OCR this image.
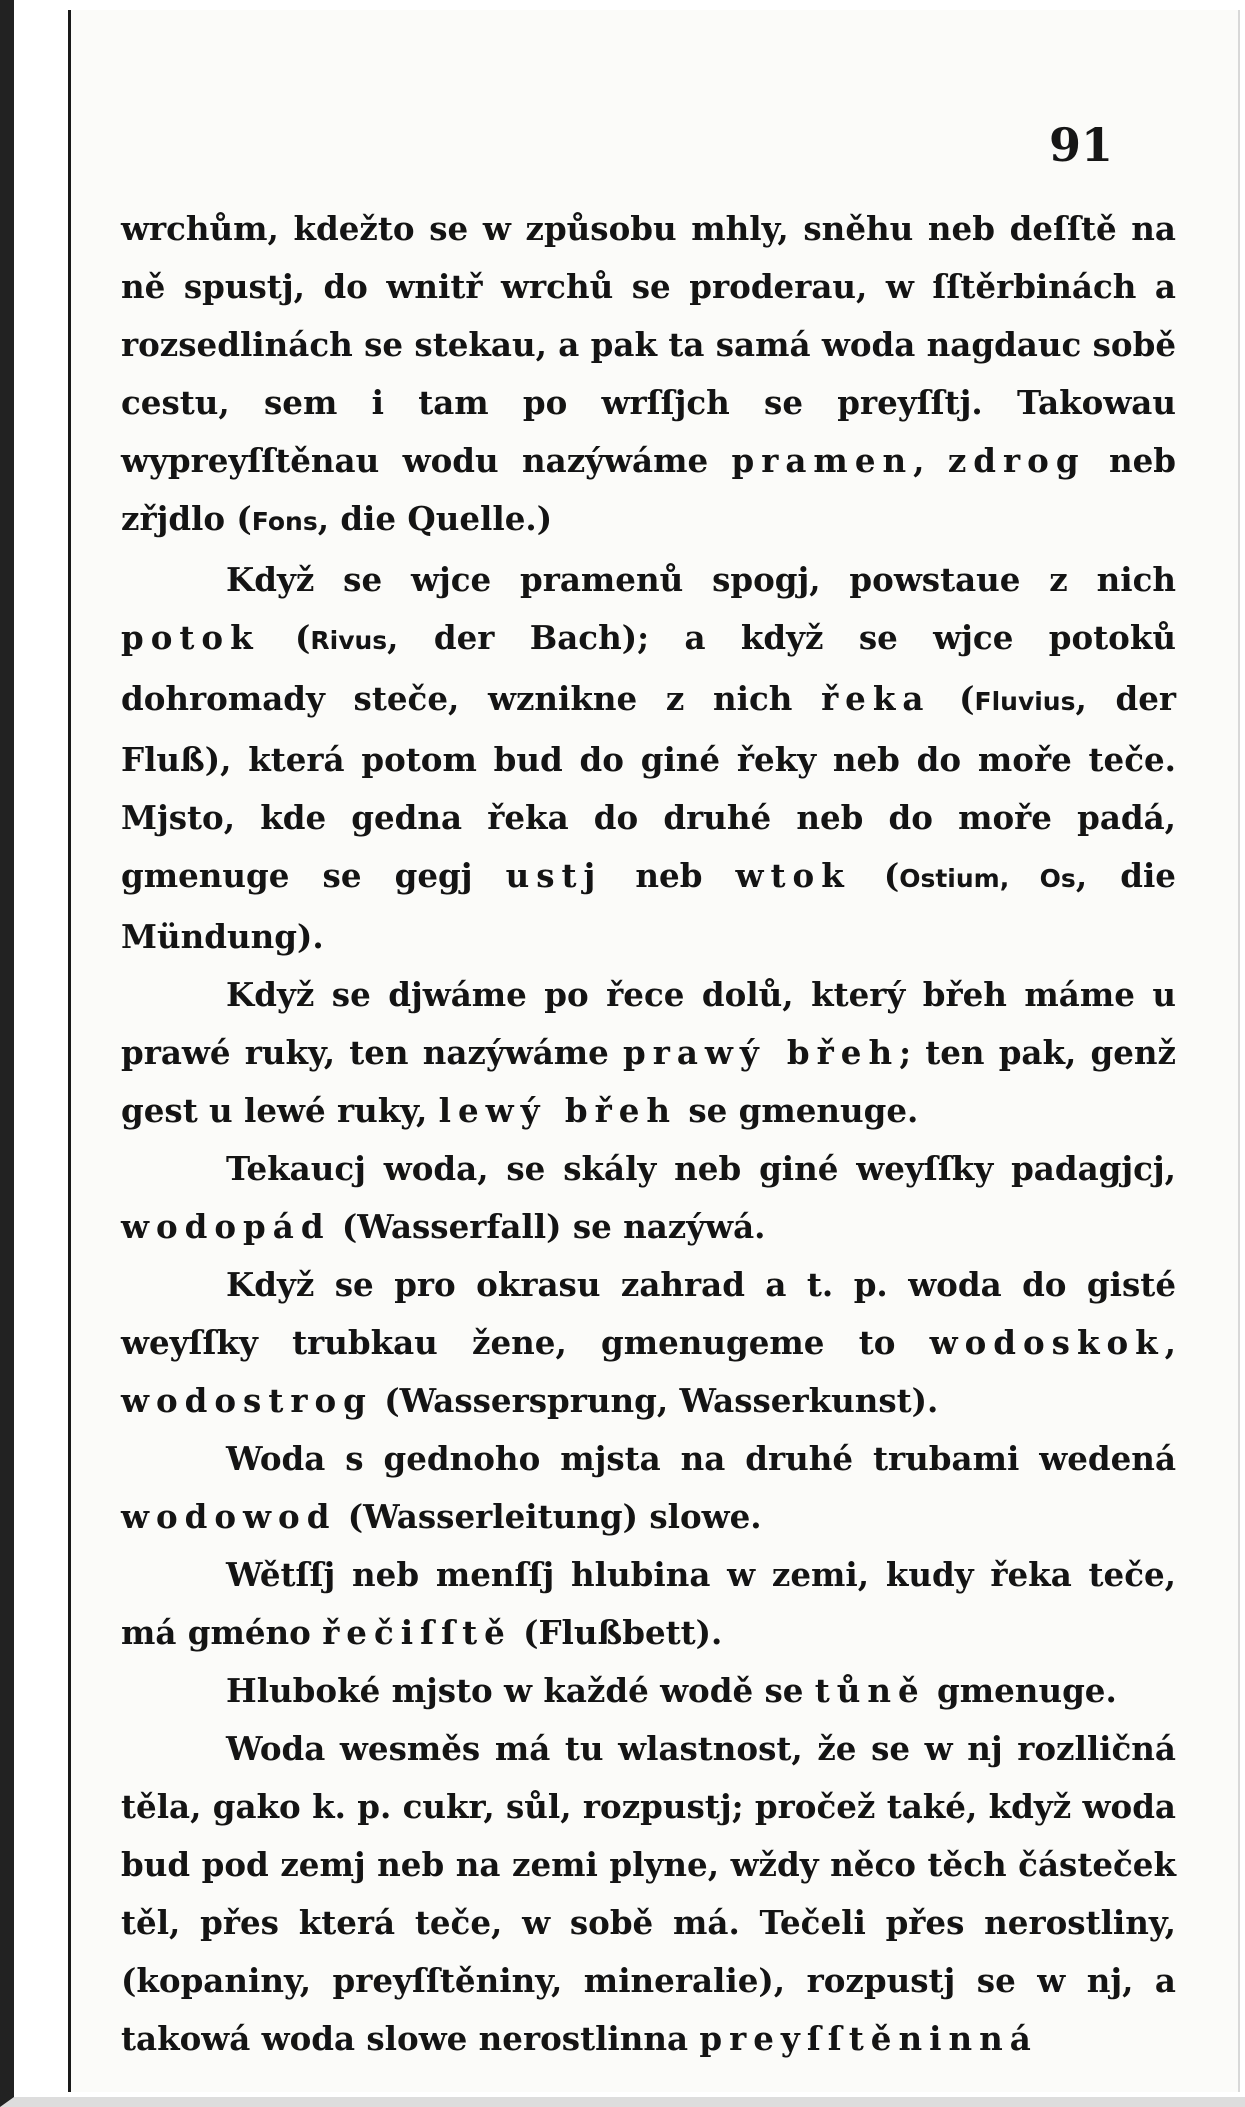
91

wrchům, kdežto se w způsobu mhly, sněhu neb deſſtě na ně spustj, do wnitř wrchů se proderau, w ſſtěrbinách a rozsedlinách se stekau, a pak ta samá woda nagdauc sobě cestu, sem i tam po wrſſjch se preyſſtj. Takowau wypreyſſtěnau wodu nazýwáme pramen, zdrog neb zřjdlo (Fons, die Quelle.)

Když se wjce pramenů spogj, powstaue z nich potok (Rivus, der Bach); a když se wjce potoků dohromady steče, wznikne z nich řeka (Fluvius, der Fluß), která potom bud do giné řeky neb do moře teče. Mjsto, kde gedna řeka do druhé neb do moře padá, gmenuge se gegj ustj neb wtok (Ostium, Os, die Mündung).

Když se djwáme po řece dolů, který břeh máme u prawé ruky, ten nazýwáme prawý břeh; ten pak, genž gest u lewé ruky, lewý břeh se gmenuge.

Tekaucj woda, se skály neb giné weyſſky padagjcj, wodopád (Wasserfall) se nazýwá.

Když se pro okrasu zahrad a t. p. woda do gisté weyſſky trubkau žene, gmenugeme to wodoskok, wodostrog (Wassersprung, Wasserkunst).

Woda s gednoho mjsta na druhé trubami wedená wodowod (Wasserleitung) slowe.

Wětſſj neb menſſj hlubina w zemi, kudy řeka teče, má gméno řečiſſtě (Flußbett).

Hluboké mjsto w každé wodě se tůně gmenuge.

Woda wesměs má tu wlastnost, že se w nj rozlličná těla, gako k. p. cukr, sůl, rozpustj; pročež také, když woda bud pod zemj neb na zemi plyne, wždy něco těch částeček těl, přes která teče, w sobě má. Tečeli přes nerostliny, (kopaniny, preyſſtěniny, mineralie), rozpustj se w nj, a takowá woda slowe nerostlinna preyſſtěninná
